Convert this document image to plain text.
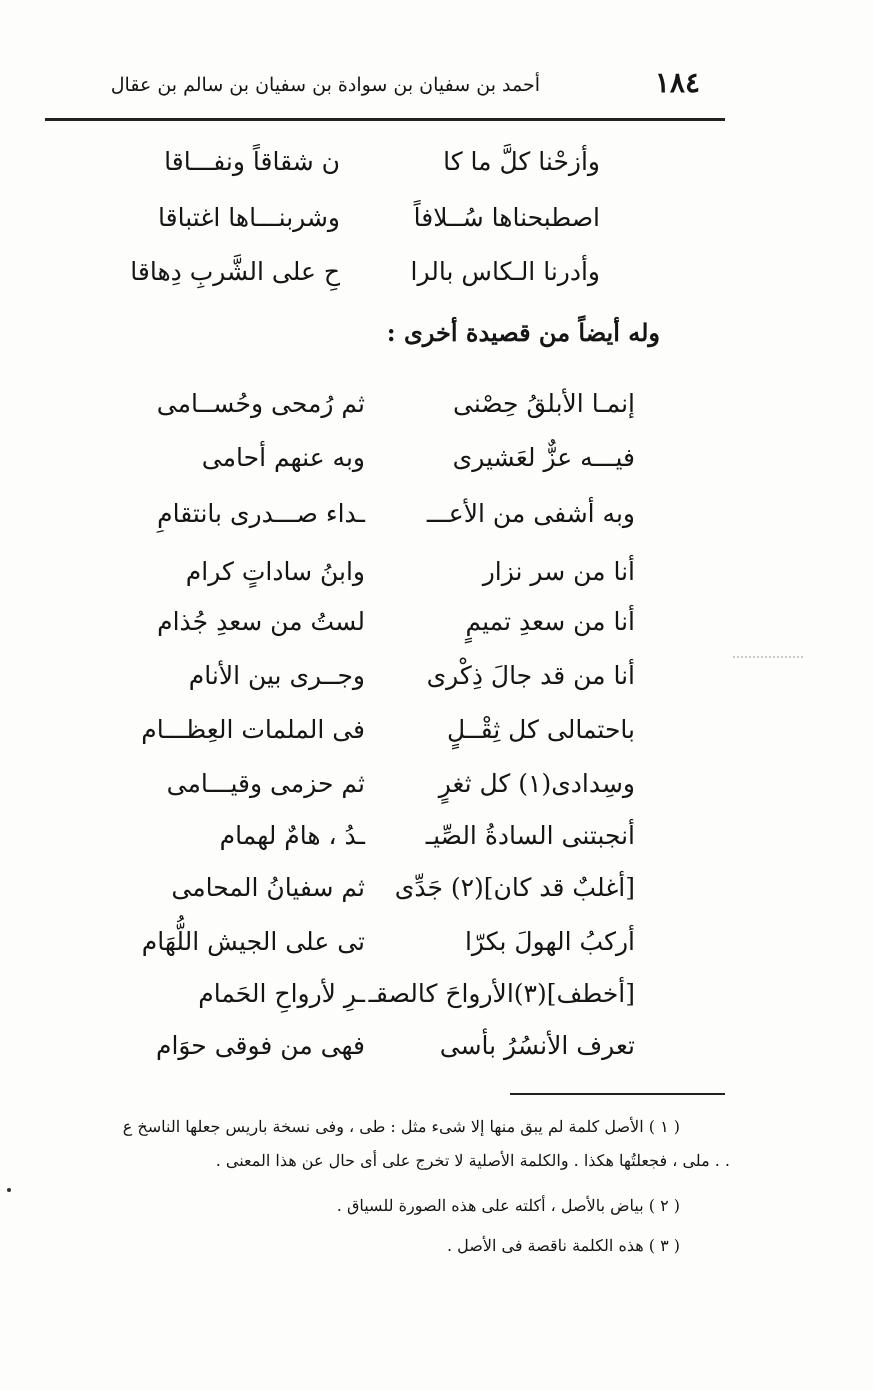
أحمد بن سفيان بن سوادة بن سفيان بن سالم بن عقال	١٨٤
وأزحْنا كلَّ ما كا
ن شقاقاً ونفـــاقا
اصطبحناها سُــلافاً
وشربنـــاها اغتباقا
وأدرنا الـكاس بالرا
حِ على الشَّربِ دِهاقا
وله أيضاً من قصيدة أخرى :
إنمـا الأبلقُ حِصْنى
ثم رُمحى وحُســامى
فيـــه عزٌّ لعَشيرى
وبه عنهم أحامى
وبه أشفى من الأعـــ
ـداء صـــدرى بانتقامِ
أنا من سر نزار
وابنُ ساداتٍ كرام
أنا من سعدِ تميمٍ
لستُ من سعدِ جُذام
أنا من قد جالَ ذِكْرى
وجــرى بين الأنام
باحتمالى كل ثِقْــلٍ
فى الملمات العِظـــام
وسِدادى(١) كل ثغرٍ
ثم حزمى وقيـــامى
أنجبتنى السادةُ الصِّيـ
ـدُ ، هامٌ لهمام
[أغلبٌ قد كان](٢) جَدِّى
ثم سفيانُ المحامى
أركبُ الهولَ بكرّا
تى على الجيش اللُّهَام
[أخطف](٣)الأرواحَ كالصقـ
ـرِ لأرواحِ الحَمام
تعرف الأنسُرُ بأسى
فهى من فوقى حوَام
( ١ ) الأصل كلمة لم يبق منها إلا شىء مثل : طى ، وفى نسخة باريس جعلها الناسخ ع
. . ملى ، فجعلتُها هكذا . والكلمة الأصلية لا تخرج على أى حال عن هذا المعنى .
( ٢ ) بياض بالأصل ، أكلته على هذه الصورة للسياق .
( ٣ ) هذه الكلمة ناقصة فى الأصل .
